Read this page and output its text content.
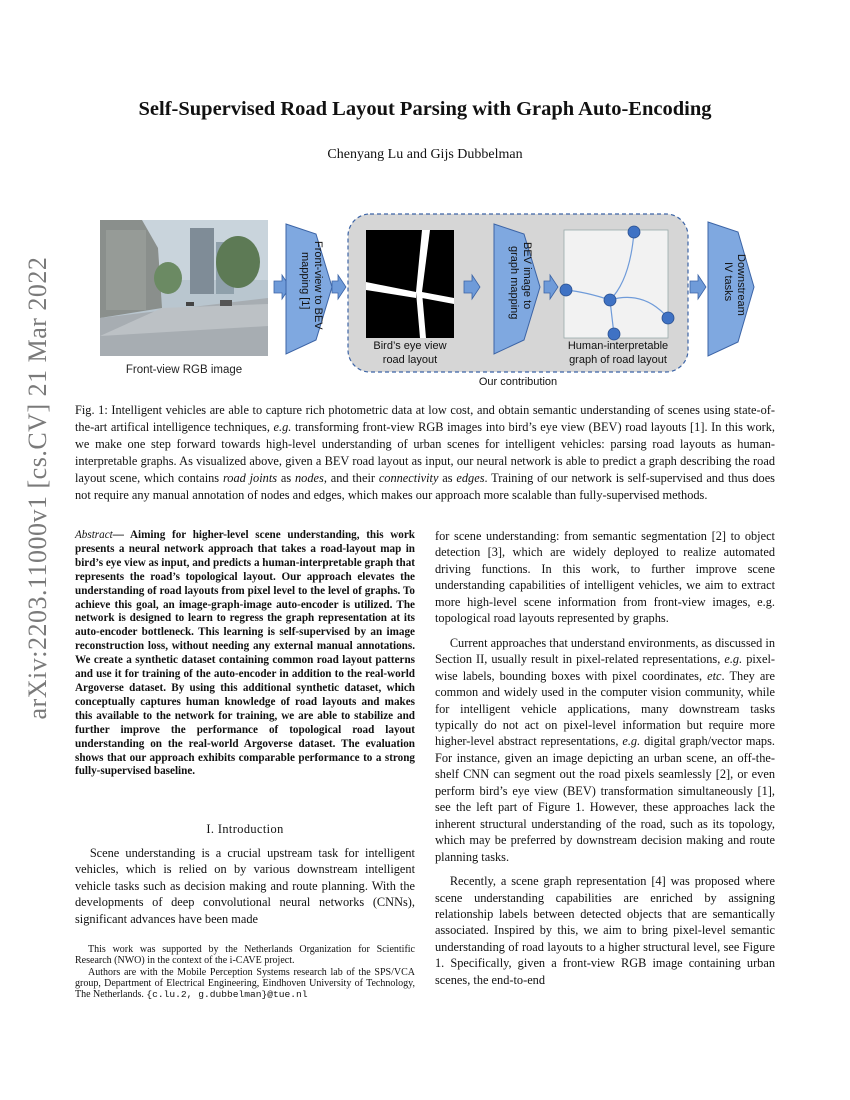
arXiv:2203.11000v1 [cs.CV] 21 Mar 2022
Self-Supervised Road Layout Parsing with Graph Auto-Encoding
Chenyang Lu and Gijs Dubbelman
Front-view RGB image
Front-view to BEV
mapping [1]
Bird’s eye view
road layout
BEV image to
graph mapping
Human-interpretable
graph of road layout
Downstream
IV tasks
Our contribution
Fig. 1: Intelligent vehicles are able to capture rich photometric data at low cost, and obtain semantic understanding of scenes using state-of-the-art artifical intelligence techniques, e.g. transforming front-view RGB images into bird’s eye view (BEV) road layouts [1]. In this work, we make one step forward towards high-level understanding of urban scenes for intelligent vehicles: parsing road layouts as human-interpretable graphs. As visualized above, given a BEV road layout as input, our neural network is able to predict a graph describing the road layout scene, which contains road joints as nodes, and their connectivity as edges. Training of our network is self-supervised and thus does not require any manual annotation of nodes and edges, which makes our approach more scalable than fully-supervised methods.
Abstract— Aiming for higher-level scene understanding, this work presents a neural network approach that takes a road-layout map in bird’s eye view as input, and predicts a human-interpretable graph that represents the road’s topological layout. Our approach elevates the understanding of road layouts from pixel level to the level of graphs. To achieve this goal, an image-graph-image auto-encoder is utilized. The network is designed to learn to regress the graph representation at its auto-encoder bottleneck. This learning is self-supervised by an image reconstruction loss, without needing any external manual annotations. We create a synthetic dataset containing common road layout patterns and use it for training of the auto-encoder in addition to the real-world Argoverse dataset. By using this additional synthetic dataset, which conceptually captures human knowledge of road layouts and makes this available to the network for training, we are able to stabilize and further improve the performance of topological road layout understanding on the real-world Argoverse dataset. The evaluation shows that our approach exhibits comparable performance to a strong fully-supervised baseline.
I. Introduction

Scene understanding is a crucial upstream task for intelligent vehicles, which is relied on by various downstream intelligent vehicle tasks such as decision making and route planning. With the developments of deep convolutional neural networks (CNNs), significant advances have been made

This work was supported by the Netherlands Organization for Scientific Research (NWO) in the context of the i-CAVE project.

Authors are with the Mobile Perception Systems research lab of the SPS/VCA group, Department of Electrical Engineering, Eindhoven University of Technology, The Netherlands. {c.lu.2, g.dubbelman}@tue.nl

for scene understanding: from semantic segmentation [2] to object detection [3], which are widely deployed to realize automated driving functions. In this work, to further improve scene understanding capabilities of intelligent vehicles, we aim to extract more high-level scene information from front-view images, e.g. topological road layouts represented by graphs.

Current approaches that understand environments, as discussed in Section II, usually result in pixel-related representations, e.g. pixel-wise labels, bounding boxes with pixel coordinates, etc. They are common and widely used in the computer vision community, while for intelligent vehicle applications, many downstream tasks typically do not act on pixel-level information but require more higher-level abstract representations, e.g. digital graph/vector maps. For instance, given an image depicting an urban scene, an off-the-shelf CNN can segment out the road pixels seamlessly [2], or even perform bird’s eye view (BEV) transformation simultaneously [1], see the left part of Figure 1. However, these approaches lack the inherent structural understanding of the road, such as its topology, which may be preferred by downstream decision making and route planning tasks.

Recently, a scene graph representation [4] was proposed where scene understanding capabilities are enriched by assigning relationship labels between detected objects that are semantically associated. Inspired by this, we aim to bring pixel-level semantic understanding of road layouts to a higher structural level, see Figure 1. Specifically, given a front-view RGB image containing urban scenes, the end-to-end
